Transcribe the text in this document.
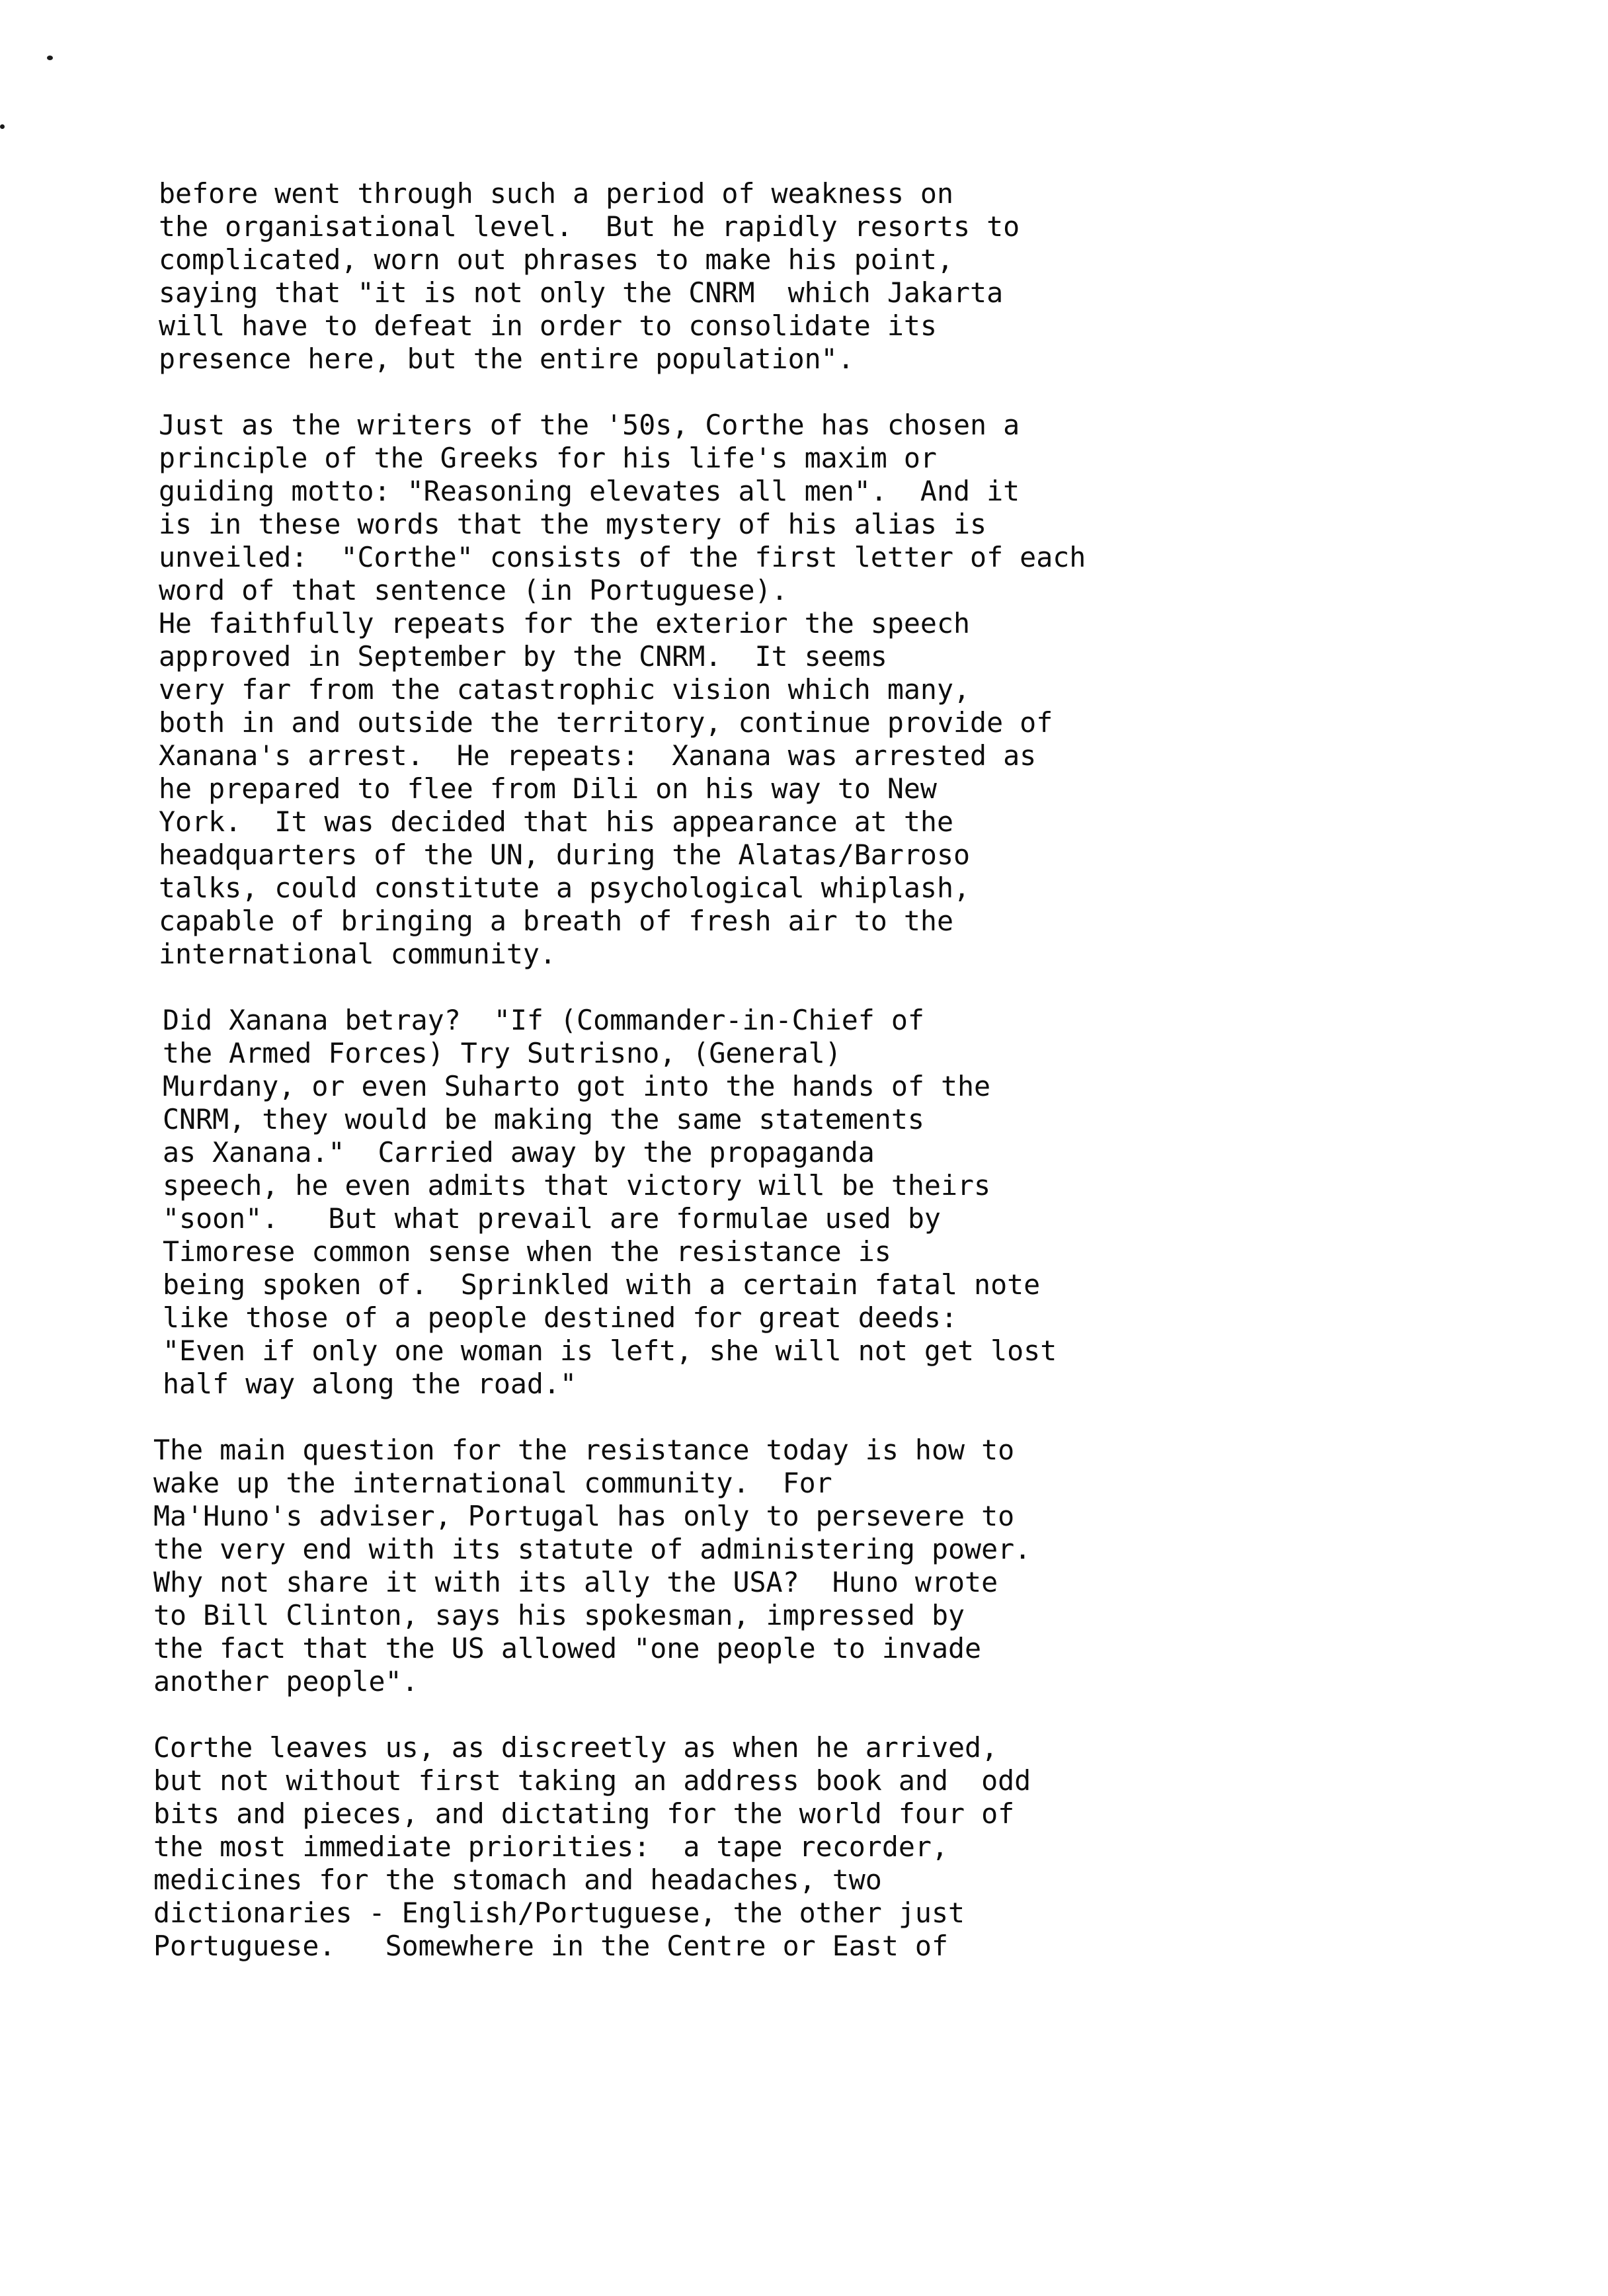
before went through such a period of weakness on
the organisational level.  But he rapidly resorts to
complicated, worn out phrases to make his point,
saying that "it is not only the CNRM  which Jakarta
will have to defeat in order to consolidate its
presence here, but the entire population".
Just as the writers of the '50s, Corthe has chosen a
principle of the Greeks for his life's maxim or
guiding motto: "Reasoning elevates all men".  And it
is in these words that the mystery of his alias is
unveiled:  "Corthe" consists of the first letter of each
word of that sentence (in Portuguese).
He faithfully repeats for the exterior the speech
approved in September by the CNRM.  It seems
very far from the catastrophic vision which many,
both in and outside the territory, continue provide of
Xanana's arrest.  He repeats:  Xanana was arrested as
he prepared to flee from Dili on his way to New
York.  It was decided that his appearance at the
headquarters of the UN, during the Alatas/Barroso
talks, could constitute a psychological whiplash,
capable of bringing a breath of fresh air to the
international community.
Did Xanana betray?  "If (Commander-in-Chief of
the Armed Forces) Try Sutrisno, (General)
Murdany, or even Suharto got into the hands of the
CNRM, they would be making the same statements
as Xanana."  Carried away by the propaganda
speech, he even admits that victory will be theirs
"soon".   But what prevail are formulae used by
Timorese common sense when the resistance is
being spoken of.  Sprinkled with a certain fatal note
like those of a people destined for great deeds:
"Even if only one woman is left, she will not get lost
half way along the road."
The main question for the resistance today is how to
wake up the international community.  For
Ma'Huno's adviser, Portugal has only to persevere to
the very end with its statute of administering power.
Why not share it with its ally the USA?  Huno wrote
to Bill Clinton, says his spokesman, impressed by
the fact that the US allowed "one people to invade
another people".
Corthe leaves us, as discreetly as when he arrived,
but not without first taking an address book and  odd
bits and pieces, and dictating for the world four of
the most immediate priorities:  a tape recorder,
medicines for the stomach and headaches, two
dictionaries - English/Portuguese, the other just
Portuguese.   Somewhere in the Centre or East of
